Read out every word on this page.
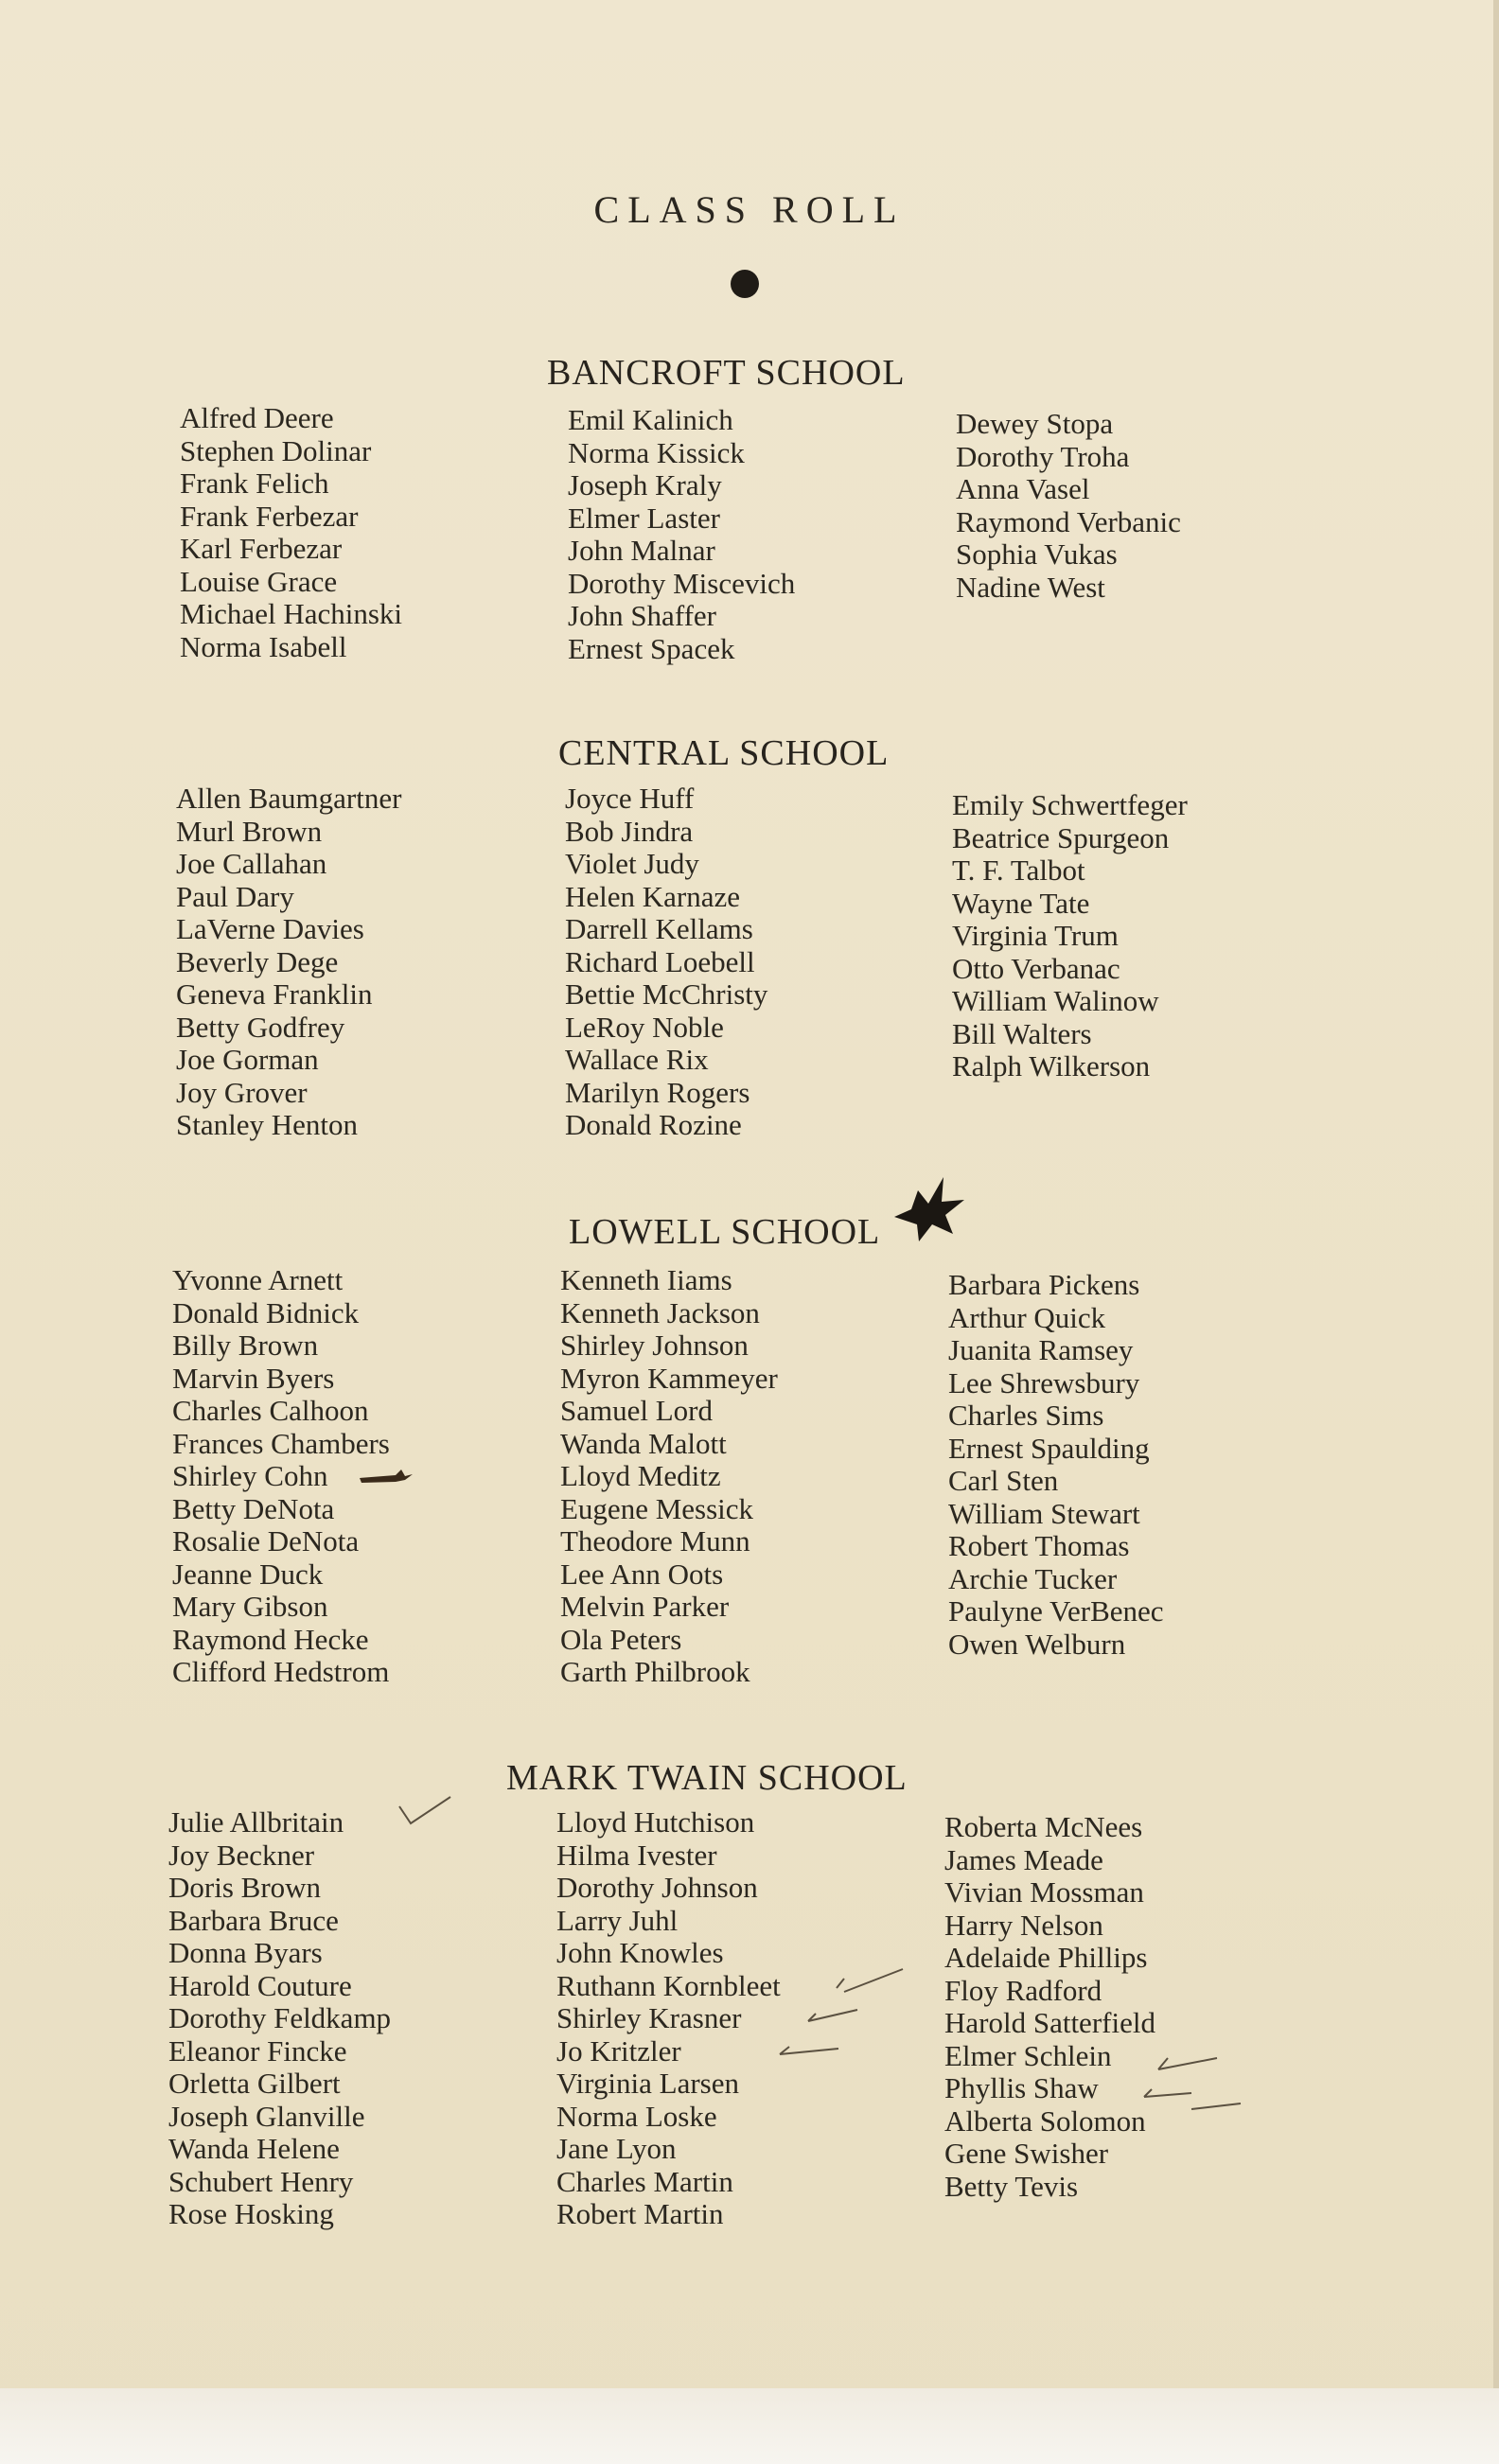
CLASS ROLL
BANCROFT SCHOOL
Alfred Deere
Stephen Dolinar
Frank Felich
Frank Ferbezar
Karl Ferbezar
Louise Grace
Michael Hachinski
Norma Isabell
Emil Kalinich
Norma Kissick
Joseph Kraly
Elmer Laster
John Malnar
Dorothy Miscevich
John Shaffer
Ernest Spacek
Dewey Stopa
Dorothy Troha
Anna Vasel
Raymond Verbanic
Sophia Vukas
Nadine West
CENTRAL SCHOOL
Allen Baumgartner
Murl Brown
Joe Callahan
Paul Dary
LaVerne Davies
Beverly Dege
Geneva Franklin
Betty Godfrey
Joe Gorman
Joy Grover
Stanley Henton
Joyce Huff
Bob Jindra
Violet Judy
Helen Karnaze
Darrell Kellams
Richard Loebell
Bettie McChristy
LeRoy Noble
Wallace Rix
Marilyn Rogers
Donald Rozine
Emily Schwertfeger
Beatrice Spurgeon
T. F. Talbot
Wayne Tate
Virginia Trum
Otto Verbanac
William Walinow
Bill Walters
Ralph Wilkerson
LOWELL SCHOOL
Yvonne Arnett
Donald Bidnick
Billy Brown
Marvin Byers
Charles Calhoon
Frances Chambers
Shirley Cohn
Betty DeNota
Rosalie DeNota
Jeanne Duck
Mary Gibson
Raymond Hecke
Clifford Hedstrom
Kenneth Iiams
Kenneth Jackson
Shirley Johnson
Myron Kammeyer
Samuel Lord
Wanda Malott
Lloyd Meditz
Eugene Messick
Theodore Munn
Lee Ann Oots
Melvin Parker
Ola Peters
Garth Philbrook
Barbara Pickens
Arthur Quick
Juanita Ramsey
Lee Shrewsbury
Charles Sims
Ernest Spaulding
Carl Sten
William Stewart
Robert Thomas
Archie Tucker
Paulyne VerBenec
Owen Welburn
MARK TWAIN SCHOOL
Julie Allbritain
Joy Beckner
Doris Brown
Barbara Bruce
Donna Byars
Harold Couture
Dorothy Feldkamp
Eleanor Fincke
Orletta Gilbert
Joseph Glanville
Wanda Helene
Schubert Henry
Rose Hosking
Lloyd Hutchison
Hilma Ivester
Dorothy Johnson
Larry Juhl
John Knowles
Ruthann Kornbleet
Shirley Krasner
Jo Kritzler
Virginia Larsen
Norma Loske
Jane Lyon
Charles Martin
Robert Martin
Roberta McNees
James Meade
Vivian Mossman
Harry Nelson
Adelaide Phillips
Floy Radford
Harold Satterfield
Elmer Schlein
Phyllis Shaw
Alberta Solomon
Gene Swisher
Betty Tevis
